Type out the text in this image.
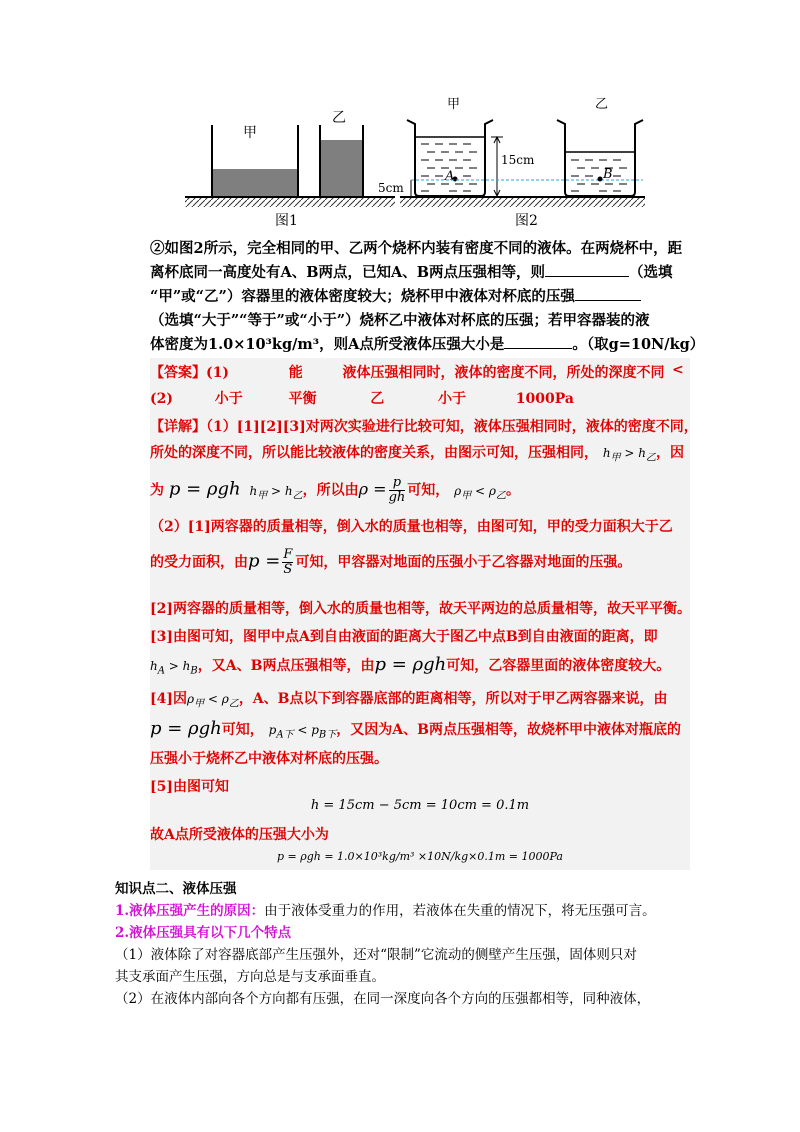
甲
乙
图1
甲
A
15cm
5cm
乙
B
图2
②如图2所示，完全相同的甲、乙两个烧杯内装有密度不同的液体。在两烧杯中，距
离杯底同一高度处有A、B两点，已知A、B两点压强相等，则	（选填
“甲”或“乙”）容器里的液体密度较大；烧杯甲中液体对杯底的压强
（选填“大于”“等于”或“小于”）烧杯乙中液体对杯底的压强；若甲容器装的液
体密度为1.0×10³kg/m³，则A点所受液体压强大小是	。（取g=10N/kg）
【答案】(1)	能	液体压强相同时，液体的密度不同，所处的深度不同 <
(2)	小于	平衡	乙	小于	1000Pa
【详解】（1）[1][2][3]对两次实验进行比较可知，液体压强相同时，液体的密度不同，
所处的深度不同，所以能比较液体的密度关系，由图示可知，压强相同， $h_甲 > h_乙$，因
为 p = ρgh $h_甲 > h_乙$，所以由$\rho = \frac{p}{gh}$ 可知， $\rho_甲 < \rho_乙$。
（2）[1]两容器的质量相等，倒入水的质量也相等，由图可知，甲的受力面积大于乙
的受力面积，由$p = \frac{F}{S}$ 可知，甲容器对地面的压强小于乙容器对地面的压强。
[2]两容器的质量相等，倒入水的质量也相等，故天平两边的总质量相等，故天平平衡。
[3]由图可知，图甲中点A到自由液面的距离大于图乙中点B到自由液面的距离，即
$h_A > h_B$，又A、B两点压强相等，由p = ρgh可知，乙容器里面的液体密度较大。
[4]因$\rho_甲 < \rho_乙$，A、B点以下到容器底部的距离相等，所以对于甲乙两容器来说，由
p = ρgh可知， $p_{A下} < p_{B下}$，又因为A、B两点压强相等，故烧杯甲中液体对瓶底的
压强小于烧杯乙中液体对杯底的压强。
[5]由图可知
h = 15cm − 5cm = 10cm = 0.1m
故A点所受液体的压强大小为
p = ρgh = 1.0×10³kg/m³ ×10N/kg×0.1m = 1000Pa

知识点二、液体压强

1.液体压强产生的原因：由于液体受重力的作用，若液体在失重的情况下，将无压强可言。

2.液体压强具有以下几个特点

（1）液体除了对容器底部产生压强外，还对“限制”它流动的侧壁产生压强，固体则只对

其支承面产生压强，方向总是与支承面垂直。

（2）在液体内部向各个方向都有压强，在同一深度向各个方向的压强都相等，同种液体，
